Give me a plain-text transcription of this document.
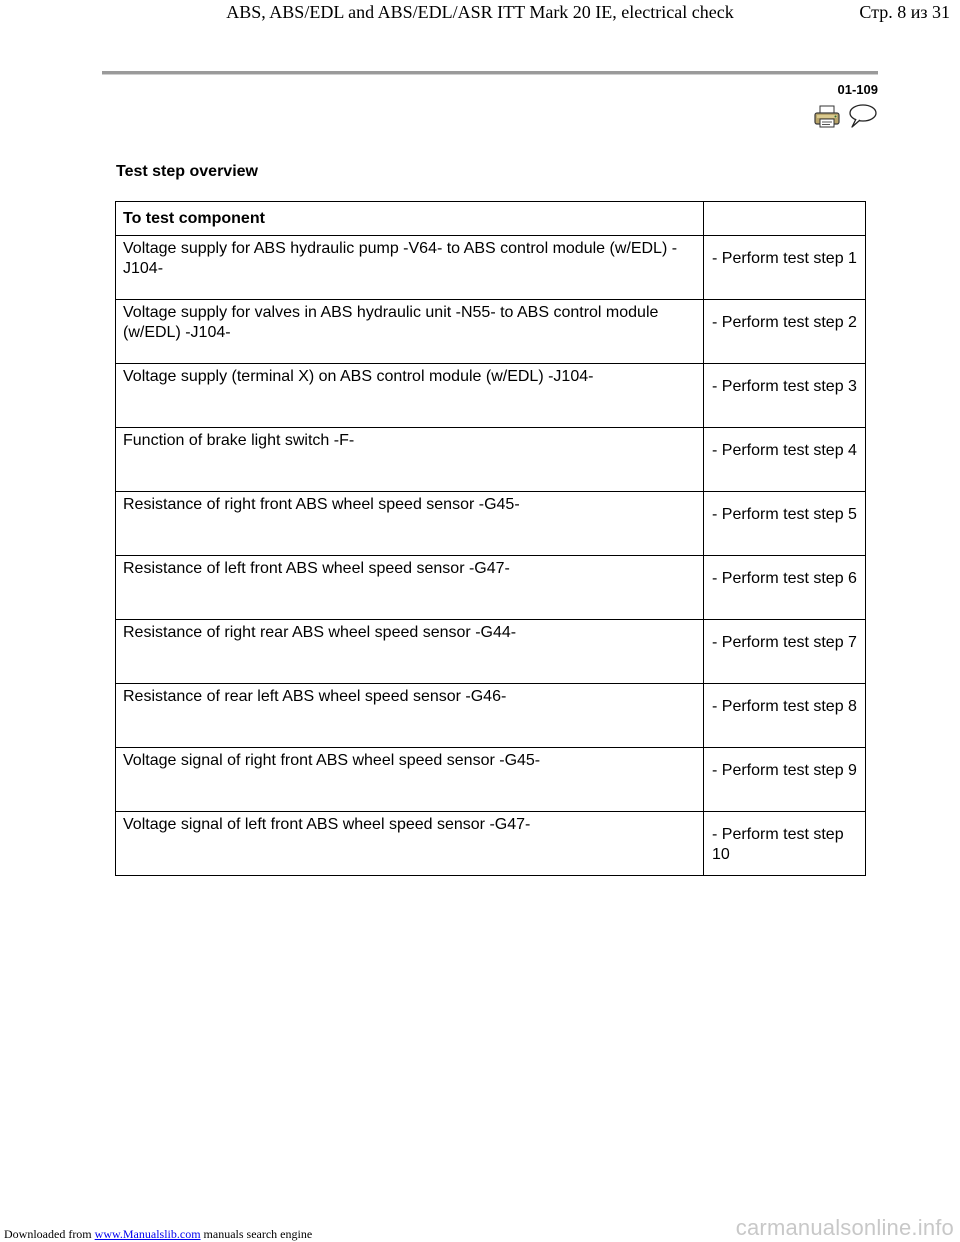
ABS, ABS/EDL and ABS/EDL/ASR ITT Mark 20 IE, electrical check	Стр. 8 из 31
01-109
Test step overview
To test component	

Voltage supply for ABS hydraulic pump -V64- to ABS control module (w/EDL) -J104-	- Perform test step 1

Voltage supply for valves in ABS hydraulic unit -N55- to ABS control module (w/EDL) -J104-	- Perform test step 2

Voltage supply (terminal X) on ABS control module (w/EDL) -J104-	- Perform test step 3

Function of brake light switch -F-	- Perform test step 4

Resistance of right front ABS wheel speed sensor -G45-	- Perform test step 5

Resistance of left front ABS wheel speed sensor -G47-	- Perform test step 6

Resistance of right rear ABS wheel speed sensor -G44-	- Perform test step 7

Resistance of rear left ABS wheel speed sensor -G46-	- Perform test step 8

Voltage signal of right front ABS wheel speed sensor -G45-	- Perform test step 9

Voltage signal of left front ABS wheel speed sensor -G47-	- Perform test step 10
Downloaded from www.Manualslib.com manuals search engine	carmanualsonline.info
